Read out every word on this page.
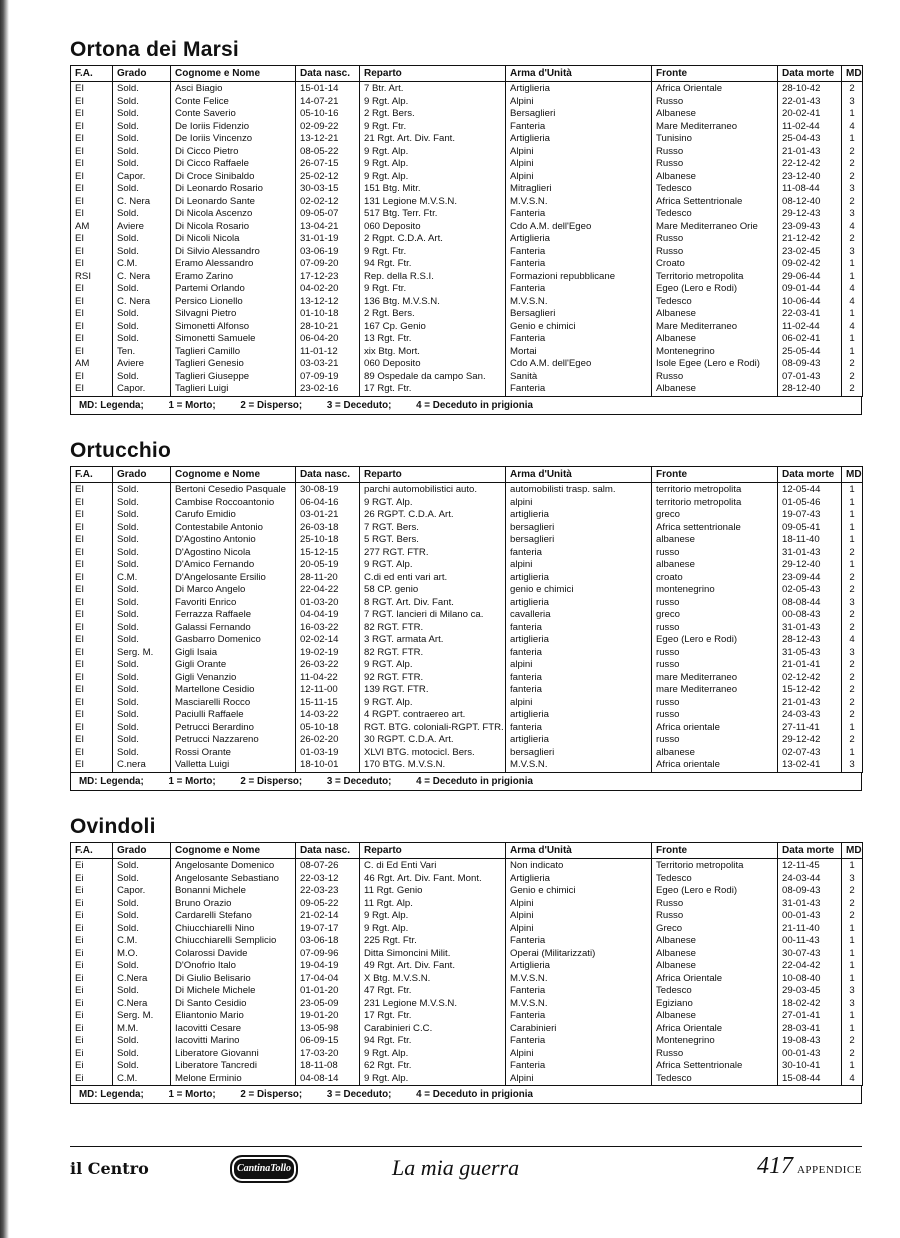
Ortona dei Marsi
F.A.	Grado	Cognome e Nome	Data nasc.	Reparto	Arma d'Unità	Fronte	Data morte	MD
EI	Sold.	Asci Biagio	15-01-14	7 Btr. Art.	Artiglieria	Africa Orientale	28-10-42	2
EI	Sold.	Conte Felice	14-07-21	9 Rgt. Alp.	Alpini	Russo	22-01-43	3
EI	Sold.	Conte Saverio	05-10-16	2 Rgt. Bers.	Bersaglieri	Albanese	20-02-41	1
EI	Sold.	De Ioriis Fidenzio	02-09-22	9 Rgt. Ftr.	Fanteria	Mare Mediterraneo	11-02-44	4
EI	Sold.	De Ioriis Vincenzo	13-12-21	21 Rgt. Art. Div. Fant.	Artiglieria	Tunisino	25-04-43	1
EI	Sold.	Di Cicco Pietro	08-05-22	9 Rgt. Alp.	Alpini	Russo	21-01-43	2
EI	Sold.	Di Cicco Raffaele	26-07-15	9 Rgt. Alp.	Alpini	Russo	22-12-42	2
EI	Capor.	Di Croce Sinibaldo	25-02-12	9 Rgt. Alp.	Alpini	Albanese	23-12-40	2
EI	Sold.	Di Leonardo Rosario	30-03-15	151 Btg. Mitr.	Mitraglieri	Tedesco	11-08-44	3
EI	C. Nera	Di Leonardo Sante	02-02-12	131 Legione M.V.S.N.	M.V.S.N.	Africa Settentrionale	08-12-40	2
EI	Sold.	Di Nicola Ascenzo	09-05-07	517 Btg. Terr. Ftr.	Fanteria	Tedesco	29-12-43	3
AM	Aviere	Di Nicola Rosario	13-04-21	060 Deposito	Cdo A.M. dell'Egeo	Mare Mediterraneo Orie	23-09-43	4
EI	Sold.	Di Nicoli Nicola	31-01-19	2 Rgpt. C.D.A. Art.	Artiglieria	Russo	21-12-42	2
EI	Sold.	Di Silvio Alessandro	03-06-19	9 Rgt. Ftr.	Fanteria	Russo	23-02-45	3
EI	C.M.	Eramo Alessandro	07-09-20	94 Rgt. Ftr.	Fanteria	Croato	09-02-42	1
RSI	C. Nera	Eramo Zarino	17-12-23	Rep. della R.S.I.	Formazioni repubblicane	Territorio metropolita	29-06-44	1
EI	Sold.	Partemi Orlando	04-02-20	9 Rgt. Ftr.	Fanteria	Egeo (Lero e Rodi)	09-01-44	4
EI	C. Nera	Persico Lionello	13-12-12	136 Btg. M.V.S.N.	M.V.S.N.	Tedesco	10-06-44	4
EI	Sold.	Silvagni Pietro	01-10-18	2 Rgt. Bers.	Bersaglieri	Albanese	22-03-41	1
EI	Sold.	Simonetti Alfonso	28-10-21	167 Cp. Genio	Genio e chimici	Mare Mediterraneo	11-02-44	4
EI	Sold.	Simonetti Samuele	06-04-20	13 Rgt. Ftr.	Fanteria	Albanese	06-02-41	1
EI	Ten.	Taglieri Camillo	11-01-12	xix Btg. Mort.	Mortai	Montenegrino	25-05-44	1
AM	Aviere	Taglieri Genesio	03-03-21	060 Deposito	Cdo A.M. dell'Egeo	Isole Egee (Lero e Rodi)	08-09-43	2
EI	Sold.	Taglieri Giuseppe	07-09-19	89 Ospedale da campo San.	Sanità	Russo	07-01-43	2
EI	Capor.	Taglieri Luigi	23-02-16	17 Rgt. Ftr.	Fanteria	Albanese	28-12-40	2
MD: Legenda;	1 = Morto;	2 = Disperso;	3 = Deceduto;	4 = Deceduto in prigionia
Ortucchio
F.A.	Grado	Cognome e Nome	Data nasc.	Reparto	Arma d'Unità	Fronte	Data morte	MD
EI	Sold.	Bertoni Cesedio Pasquale	30-08-19	parchi automobilistici auto.	automobilisti trasp. salm.	territorio metropolita	12-05-44	1
EI	Sold.	Cambise Roccoantonio	06-04-16	9 RGT. Alp.	alpini	territorio metropolita	01-05-46	1
EI	Sold.	Carufo Emidio	03-01-21	26 RGPT. C.D.A. Art.	artiglieria	greco	19-07-43	1
EI	Sold.	Contestabile Antonio	26-03-18	7 RGT. Bers.	bersaglieri	Africa settentrionale	09-05-41	1
EI	Sold.	D'Agostino Antonio	25-10-18	5 RGT. Bers.	bersaglieri	albanese	18-11-40	1
EI	Sold.	D'Agostino Nicola	15-12-15	277 RGT. FTR.	fanteria	russo	31-01-43	2
EI	Sold.	D'Amico Fernando	20-05-19	9 RGT. Alp.	alpini	albanese	29-12-40	1
EI	C.M.	D'Angelosante Ersilio	28-11-20	C.di ed enti vari art.	artiglieria	croato	23-09-44	2
EI	Sold.	Di Marco Angelo	22-04-22	58 CP. genio	genio e chimici	montenegrino	02-05-43	2
EI	Sold.	Favoriti Enrico	01-03-20	8 RGT. Art. Div. Fant.	artiglieria	russo	08-08-44	3
EI	Sold.	Ferrazza Raffaele	04-04-19	7 RGT. lancieri di Milano ca.	cavalleria	greco	00-08-43	2
EI	Sold.	Galassi Fernando	16-03-22	82 RGT. FTR.	fanteria	russo	31-01-43	2
EI	Sold.	Gasbarro Domenico	02-02-14	3 RGT. armata Art.	artiglieria	Egeo (Lero e Rodi)	28-12-43	4
EI	Serg. M.	Gigli Isaia	19-02-19	82 RGT. FTR.	fanteria	russo	31-05-43	3
EI	Sold.	Gigli Orante	26-03-22	9 RGT. Alp.	alpini	russo	21-01-41	2
EI	Sold.	Gigli Venanzio	11-04-22	92 RGT. FTR.	fanteria	mare Mediterraneo	02-12-42	2
EI	Sold.	Martellone Cesidio	12-11-00	139 RGT. FTR.	fanteria	mare Mediterraneo	15-12-42	2
EI	Sold.	Masciarelli Rocco	15-11-15	9 RGT. Alp.	alpini	russo	21-01-43	2
EI	Sold.	Paciulli Raffaele	14-03-22	4 RGPT. contraereo art.	artiglieria	russo	24-03-43	2
EI	Sold.	Petrucci Berardino	05-10-18	RGT. BTG. coloniali-RGPT. FTR.	fanteria	Africa orientale	27-11-41	1
EI	Sold.	Petrucci Nazzareno	26-02-20	30 RGPT. C.D.A. Art.	artiglieria	russo	29-12-42	2
EI	Sold.	Rossi Orante	01-03-19	XLVI BTG. motocicl. Bers.	bersaglieri	albanese	02-07-43	1
EI	C.nera	Valletta Luigi	18-10-01	170 BTG. M.V.S.N.	M.V.S.N.	Africa orientale	13-02-41	3
MD: Legenda;	1 = Morto;	2 = Disperso;	3 = Deceduto;	4 = Deceduto in prigionia
Ovindoli
F.A.	Grado	Cognome e Nome	Data nasc.	Reparto	Arma d'Unità	Fronte	Data morte	MD
Ei	Sold.	Angelosante Domenico	08-07-26	C. di Ed Enti Vari	Non indicato	Territorio metropolita	12-11-45	1
Ei	Sold.	Angelosante Sebastiano	22-03-12	46 Rgt. Art. Div. Fant. Mont.	Artiglieria	Tedesco	24-03-44	3
Ei	Capor.	Bonanni Michele	22-03-23	11 Rgt. Genio	Genio e chimici	Egeo (Lero e Rodi)	08-09-43	2
Ei	Sold.	Bruno Orazio	09-05-22	11 Rgt. Alp.	Alpini	Russo	31-01-43	2
Ei	Sold.	Cardarelli Stefano	21-02-14	9 Rgt. Alp.	Alpini	Russo	00-01-43	2
Ei	Sold.	Chiucchiarelli Nino	19-07-17	9 Rgt. Alp.	Alpini	Greco	21-11-40	1
Ei	C.M.	Chiucchiarelli Semplicio	03-06-18	225 Rgt. Ftr.	Fanteria	Albanese	00-11-43	1
Ei	M.O.	Colarossi Davide	07-09-96	Ditta Simoncini Milit.	Operai (Militarizzati)	Albanese	30-07-43	1
Ei	Sold.	D'Onofrio Italo	19-04-19	49 Rgt. Art. Div. Fant.	Artiglieria	Albanese	22-04-42	1
Ei	C.Nera	Di Giulio Belisario	17-04-04	X Btg. M.V.S.N.	M.V.S.N.	Africa Orientale	10-08-40	1
Ei	Sold.	Di Michele Michele	01-01-20	47 Rgt. Ftr.	Fanteria	Tedesco	29-03-45	3
Ei	C.Nera	Di Santo Cesidio	23-05-09	231 Legione M.V.S.N.	M.V.S.N.	Egiziano	18-02-42	3
Ei	Serg. M.	Eliantonio Mario	19-01-20	17 Rgt. Ftr.	Fanteria	Albanese	27-01-41	1
Ei	M.M.	Iacovitti Cesare	13-05-98	Carabinieri C.C.	Carabinieri	Africa Orientale	28-03-41	1
Ei	Sold.	Iacovitti Marino	06-09-15	94 Rgt. Ftr.	Fanteria	Montenegrino	19-08-43	2
Ei	Sold.	Liberatore Giovanni	17-03-20	9 Rgt. Alp.	Alpini	Russo	00-01-43	2
Ei	Sold.	Liberatore Tancredi	18-11-08	62 Rgt. Ftr.	Fanteria	Africa Settentrionale	30-10-41	1
Ei	C.M.	Melone Erminio	04-08-14	9 Rgt. Alp.	Alpini	Tedesco	15-08-44	4
MD: Legenda;	1 = Morto;	2 = Disperso;	3 = Deceduto;	4 = Deceduto in prigionia
il Centro	CantinaTollo	La mia guerra	417 APPENDICE
